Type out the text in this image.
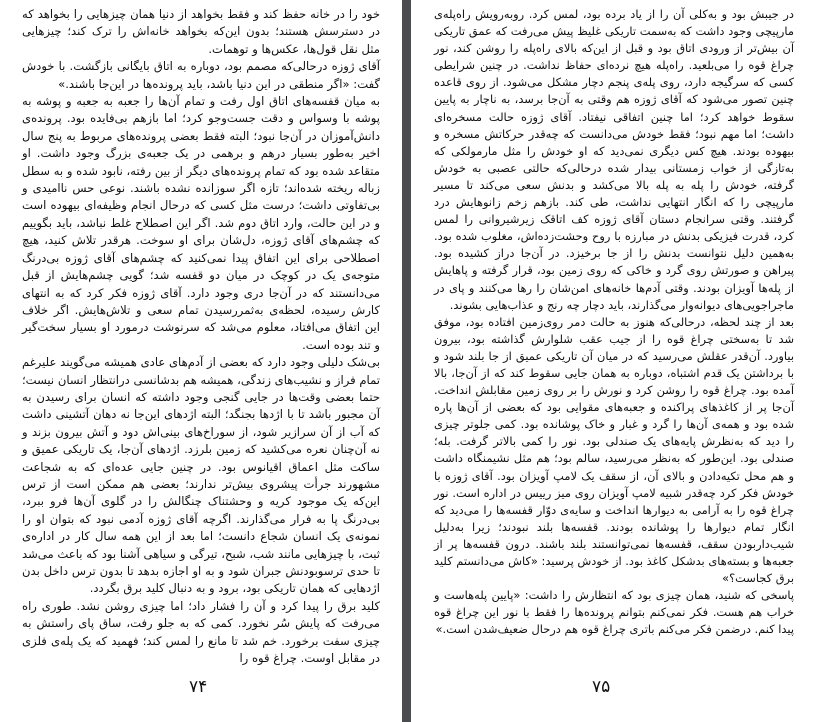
خود را در خانه حفظ کند و فقط بخواهد از دنیا همان چیزهایی را بخواهد که در دسترسش هستند؛ بدون این‌که بخواهد خانه‌اش را ترک کند؛ چیزهایی مثل نقل قول‌ها، عکس‌ها و توهمات.

آقای ژوزه درحالی‌که مصمم بود، دوباره به اتاق بایگانی بازگشت. با خودش گفت: «اگر منطقی در این دنیا باشد، باید پرونده‌ها در این‌جا باشند.»

به میان قفسه‌های اتاق اول رفت و تمام آن‌ها را جعبه به جعبه و پوشه به پوشه با وسواس و دقت جست‌وجو کرد؛ اما بازهم بی‌فایده بود. پرونده‌ی دانش‌آموزان در آن‌جا نبود؛ البته فقط بعضی پرونده‌های مربوط به پنج سال اخیر به‌طور بسیار درهم و برهمی در یک جعبه‌ی بزرگ وجود داشت. او متقاعد شده بود که تمام پرونده‌های دیگر از بین رفته، نابود شده و به سطل زباله ریخته شده‌اند؛ تازه اگر سوزانده نشده باشند. نوعی حس ناامیدی و بی‌تفاوتی داشت؛ درست مثل کسی که درحال انجام وظیفه‌ای بیهوده است و در این حالت، وارد اتاق دوم شد. اگر این اصطلاح غلط نباشد، باید بگوییم که چشم‌های آقای ژوزه، دل‌شان برای او سوخت. هرقدر تلاش کنید، هیچ اصطلاحی برای این اتفاق پیدا نمی‌کنید که چشم‌های آقای ژوزه بی‌درنگ متوجه‌ی یک در کوچک در میان دو قفسه شد؛ گویی چشم‌هایش از قبل می‌دانستند که در آن‌جا دری وجود دارد. آقای ژوزه فکر کرد که به انتهای کارش رسیده، لحظه‌ی به‌ثمررسیدن تمام سعی و تلاش‌هایش. اگر خلاف این اتفاق می‌افتاد، معلوم می‌شد که سرنوشت درمورد او بسیار سخت‌گیر و تند بوده است.

بی‌شک دلیلی وجود دارد که بعضی از آدم‌های عادی همیشه می‌گویند علیرغم تمام فراز و نشیب‌های زندگی، همیشه هم بدشانسی درانتظار انسان نیست؛ حتما بعضی وقت‌ها در جایی گنجی وجود داشته که انسان برای رسیدن به آن مجبور باشد تا با اژدها بجنگد؛ البته اژدهای این‌جا نه دهان آتشینی داشت که آب از آن سرازیر شود، از سوراخ‌های بینی‌اش دود و آتش بیرون بزند و نه آن‌چنان نعره می‌کشید که زمین بلرزد. اژدهای آن‌جا، یک تاریکی عمیق و ساکت مثل اعماق اقیانوس بود. در چنین جایی عده‌ای که به شجاعت مشهورند جرأت پیشروی بیش‌تر ندارند؛ بعضی هم ممکن است از ترس این‌که یک موجود کریه و وحشتناک چنگالش را در گلوی آن‌ها فرو ببرد، بی‌درنگ پا به فرار می‌گذارند. اگرچه آقای ژوزه آدمی نبود که بتوان او را نمونه‌ی یک انسان شجاع دانست؛ اما بعد از این همه سال کار در اداره‌ی ثبت، با چیزهایی مانند شب، شبح، تیرگی و سیاهی آشنا بود که باعث می‌شد تا حدی ترسوبودنش جبران شود و به او اجازه بدهد تا بدون ترس داخل بدن اژدهایی که همان تاریکی بود، برود و به دنبال کلید برق بگردد.

کلید برق را پیدا کرد و آن را فشار داد؛ اما چیزی روشن نشد. طوری راه می‌رفت که پایش سُر نخورد. کمی که به جلو رفت، ساق پای راستش به چیزی سفت برخورد. خم شد تا مانع را لمس کند؛ فهمید که یک پله‌ی فلزی در مقابل اوست. چراغ قوه را

۷۴

در جیبش بود و به‌کلی آن را از یاد برده بود، لمس کرد. روبه‌رویش راه‌پله‌ی مارپیچی وجود داشت که به‌سمت تاریکی غلیظ پیش می‌رفت که عمق تاریکی آن بیش‌تر از ورودی اتاق بود و قبل از این‌که بالای راه‌پله را روشن کند، نور چراغ قوه را می‌بلعید. راه‌پله هیچ نرده‌ای حفاظ نداشت. در چنین شرایطی کسی که سرگیجه دارد، روی پله‌ی پنجم دچار مشکل می‌شود. از روی قاعده چنین تصور می‌شود که آقای ژوزه هم وقتی به آن‌جا برسد، به ناچار به پایین سقوط خواهد کرد؛ اما چنین اتفاقی نیفتاد. آقای ژوزه حالت مسخره‌ای داشت؛ اما مهم نبود؛ فقط خودش می‌دانست که چه‌قدر حرکاتش مسخره و بیهوده بودند. هیچ کس دیگری نمی‌دید که او خودش را مثل مارمولکی که به‌تازگی از خواب زمستانی بیدار شده درحالی‌که حالتی عصبی به خودش گرفته، خودش را پله به پله بالا می‌کشد و بدنش سعی می‌کند تا مسیر مارپیچی را که انگار انتهایی نداشت، طی کند. بازهم زخم زانوهایش درد گرفتند. وقتی سرانجام دستان آقای ژوزه کف اتاقک زیرشیروانی را لمس کرد، قدرت فیزیکی بدنش در مبارزه با روح وحشت‌زده‌اش، مغلوب شده بود. به‌همین دلیل نتوانست بدنش را از جا برخیزد. در آن‌جا دراز کشیده بود. پیراهن و صورتش روی گرد و خاکی که روی زمین بود، قرار گرفته و پاهایش از پله‌ها آویزان بودند. وقتی آدم‌ها خانه‌های امن‌شان را رها می‌کنند و پای در ماجراجویی‌های دیوانه‌وار می‌گذارند، باید دچار چه رنج و عذاب‌هایی بشوند.

بعد از چند لحظه، درحالی‌که هنوز به حالت دمر روی‌زمین افتاده بود، موفق شد تا به‌سختی چراغ قوه را از جیب عقب شلوارش گذاشته بود، بیرون بیاورد. آن‌قدر عقلش می‌رسید که در میان آن تاریکی عمیق از جا بلند شود و با برداشتن یک قدم اشتباه، دوباره به همان جایی سقوط کند که از آن‌جا، بالا آمده بود. چراغ قوه را روشن کرد و نورش را بر روی زمین مقابلش انداخت. آن‌جا پر از کاغذهای پراکنده و جعبه‌های مقوایی بود که بعضی از آن‌ها پاره شده بود و همه‌ی آن‌ها را گرد و غبار و خاک پوشانده بود. کمی جلوتر چیزی را دید که به‌نظرش پایه‌های یک صندلی بود. نور را کمی بالاتر گرفت. بله؛ صندلی بود. این‌طور که به‌نظر می‌رسید، سالم بود؛ هم‌ مثل نشیمنگاه داشت و هم محل تکیه‌دادن و بالای آن، از سقف یک لامپ آویزان بود. آقای ژوزه با خودش فکر کرد چه‌قدر شبیه لامپ آویزان روی میز رییس در اداره است. نور چراغ قوه را به آرامی به دیوارها انداخت و سایه‌ی دوّار قفسه‌ها را می‌دید که انگار تمام دیوارها را پوشانده بودند. قفسه‌ها بلند نبودند؛ زیرا به‌دلیل شیب‌دار‌بودن سقف، قفسه‌ها نمی‌توانستند بلند باشند. درون قفسه‌ها پر از جعبه‌ها و بسته‌های بدشکل کاغذ بود. از خودش پرسید: «کاش می‌دانستم کلید برق کجاست؟»

پاسخی که شنید، همان چیزی بود که انتظارش را داشت: «پایین پله‌هاست و خراب هم هست. فکر نمی‌کنم بتوانم پرونده‌ها را فقط با نور این چراغ قوه پیدا کنم. درضمن فکر می‌کنم باتری چراغ قوه هم درحال ضعیف‌شدن است.»

۷۵
